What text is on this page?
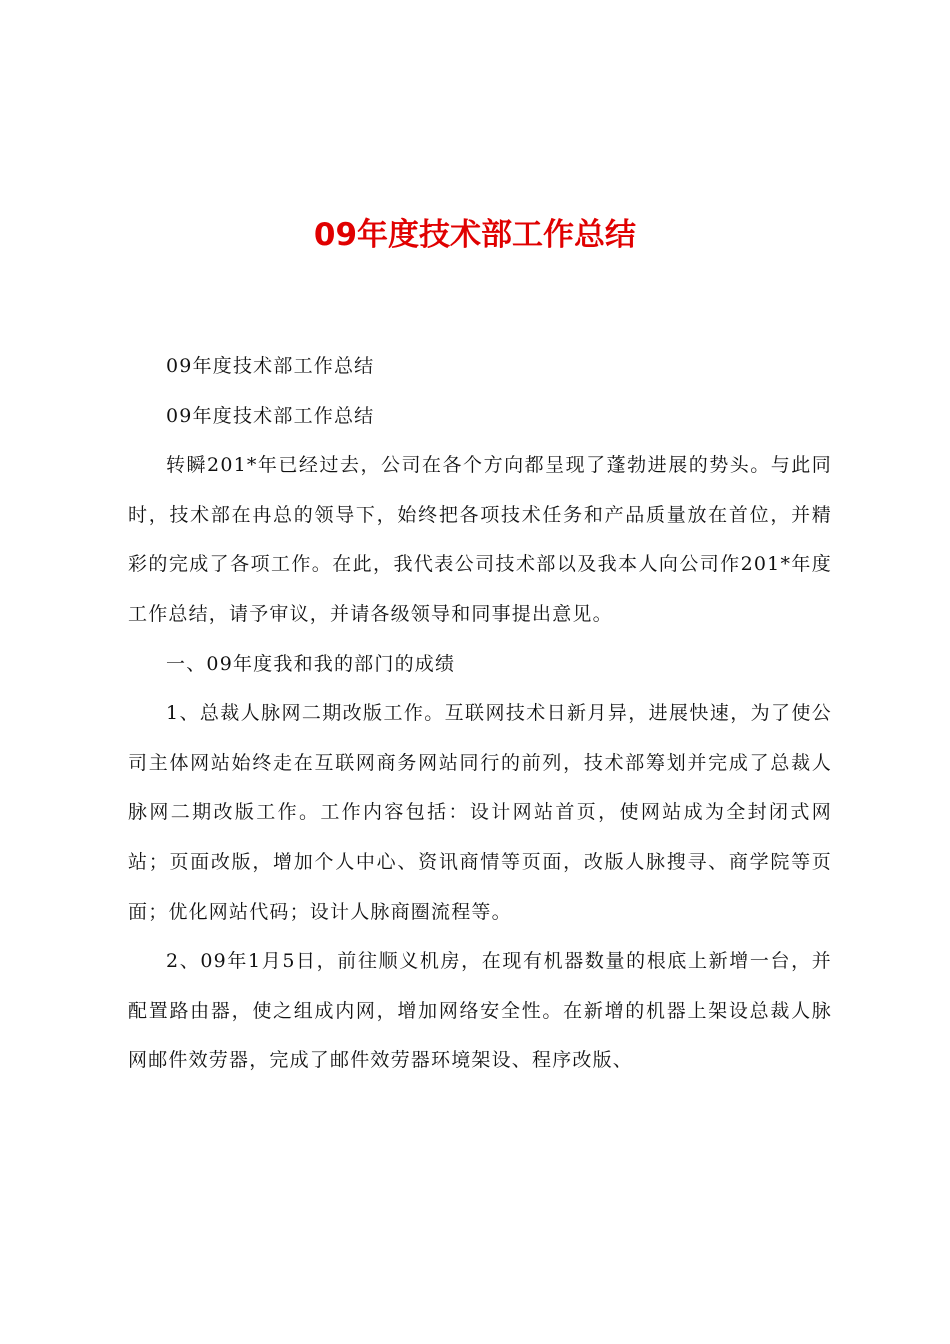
09年度技术部工作总结

09年度技术部工作总结

09年度技术部工作总结

转瞬201*年已经过去，公司在各个方向都呈现了蓬勃进展的势头。与此同时，技术部在冉总的领导下，始终把各项技术任务和产品质量放在首位，并精彩的完成了各项工作。在此，我代表公司技术部以及我本人向公司作201*年度工作总结，请予审议，并请各级领导和同事提出意见。

一、09年度我和我的部门的成绩

1、总裁人脉网二期改版工作。互联网技术日新月异，进展快速，为了使公司主体网站始终走在互联网商务网站同行的前列，技术部筹划并完成了总裁人脉网二期改版工作。工作内容包括：设计网站首页，使网站成为全封闭式网站；页面改版，增加个人中心、资讯商情等页面，改版人脉搜寻、商学院等页面；优化网站代码；设计人脉商圈流程等。

2、09年1月5日，前往顺义机房，在现有机器数量的根底上新增一台，并配置路由器，使之组成内网，增加网络安全性。在新增的机器上架设总裁人脉网邮件效劳器，完成了邮件效劳器环境架设、程序改版、
